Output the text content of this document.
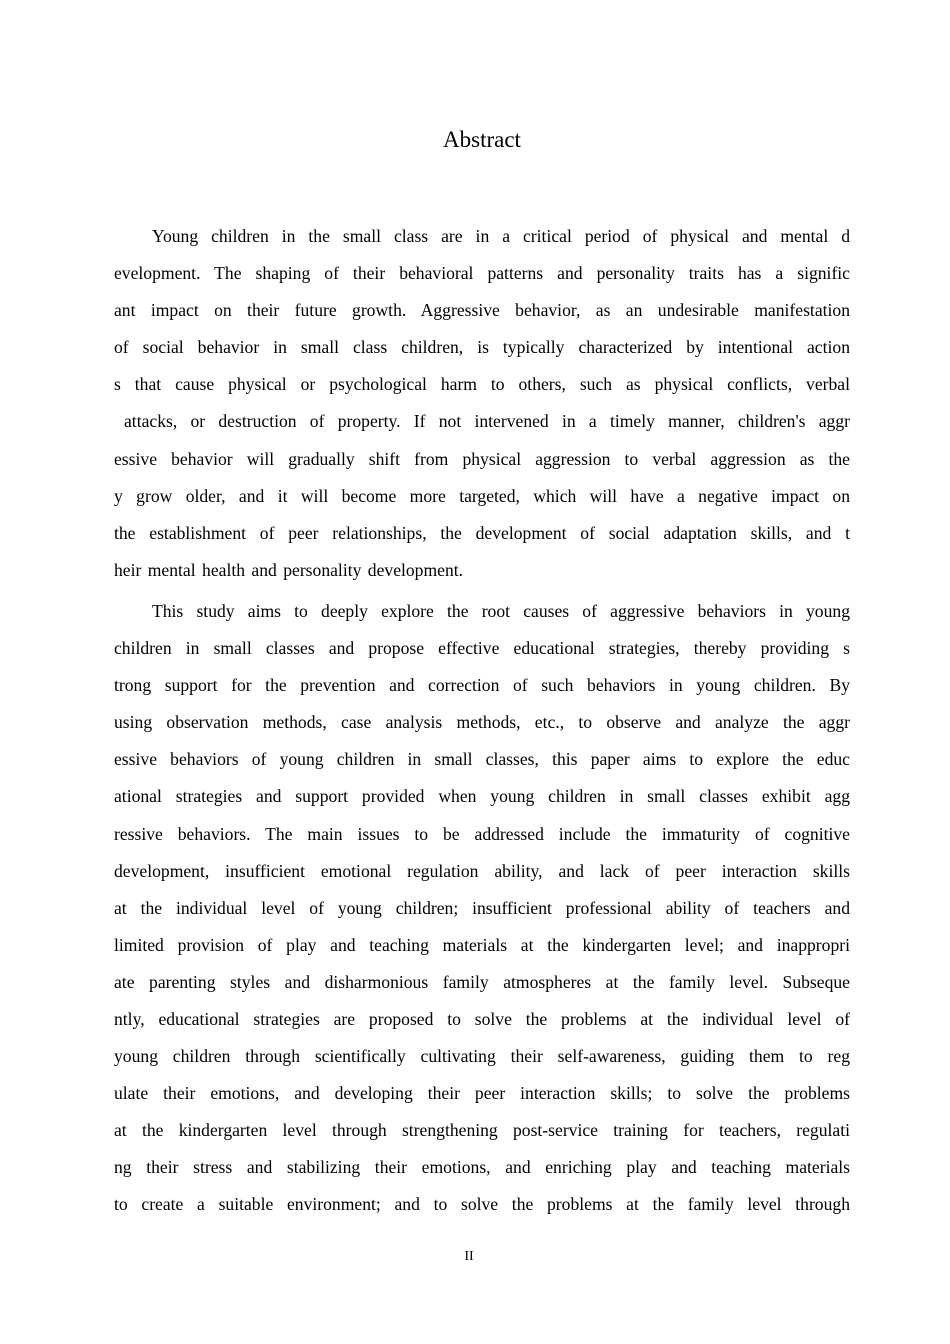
Abstract
Young children in the small class are in a critical period of physical and mental d
evelopment. The shaping of their behavioral patterns and personality traits has a signific
ant impact on their future growth. Aggressive behavior, as an undesirable manifestation
of social behavior in small class children, is typically characterized by intentional action
s that cause physical or psychological harm to others, such as physical conflicts, verbal
attacks, or destruction of property. If not intervened in a timely manner, children's aggr
essive behavior will gradually shift from physical aggression to verbal aggression as the
y grow older, and it will become more targeted, which will have a negative impact on
the establishment of peer relationships, the development of social adaptation skills, and t
heir mental health and personality development.
This study aims to deeply explore the root causes of aggressive behaviors in young
children in small classes and propose effective educational strategies, thereby providing s
trong support for the prevention and correction of such behaviors in young children. By
using observation methods, case analysis methods, etc., to observe and analyze the aggr
essive behaviors of young children in small classes, this paper aims to explore the educ
ational strategies and support provided when young children in small classes exhibit agg
ressive behaviors. The main issues to be addressed include the immaturity of cognitive
development, insufficient emotional regulation ability, and lack of peer interaction skills
at the individual level of young children; insufficient professional ability of teachers and
limited provision of play and teaching materials at the kindergarten level; and inappropri
ate parenting styles and disharmonious family atmospheres at the family level. Subseque
ntly, educational strategies are proposed to solve the problems at the individual level of
young children through scientifically cultivating their self-awareness, guiding them to reg
ulate their emotions, and developing their peer interaction skills; to solve the problems
at the kindergarten level through strengthening post-service training for teachers, regulati
ng their stress and stabilizing their emotions, and enriching play and teaching materials
to create a suitable environment; and to solve the problems at the family level through
II
